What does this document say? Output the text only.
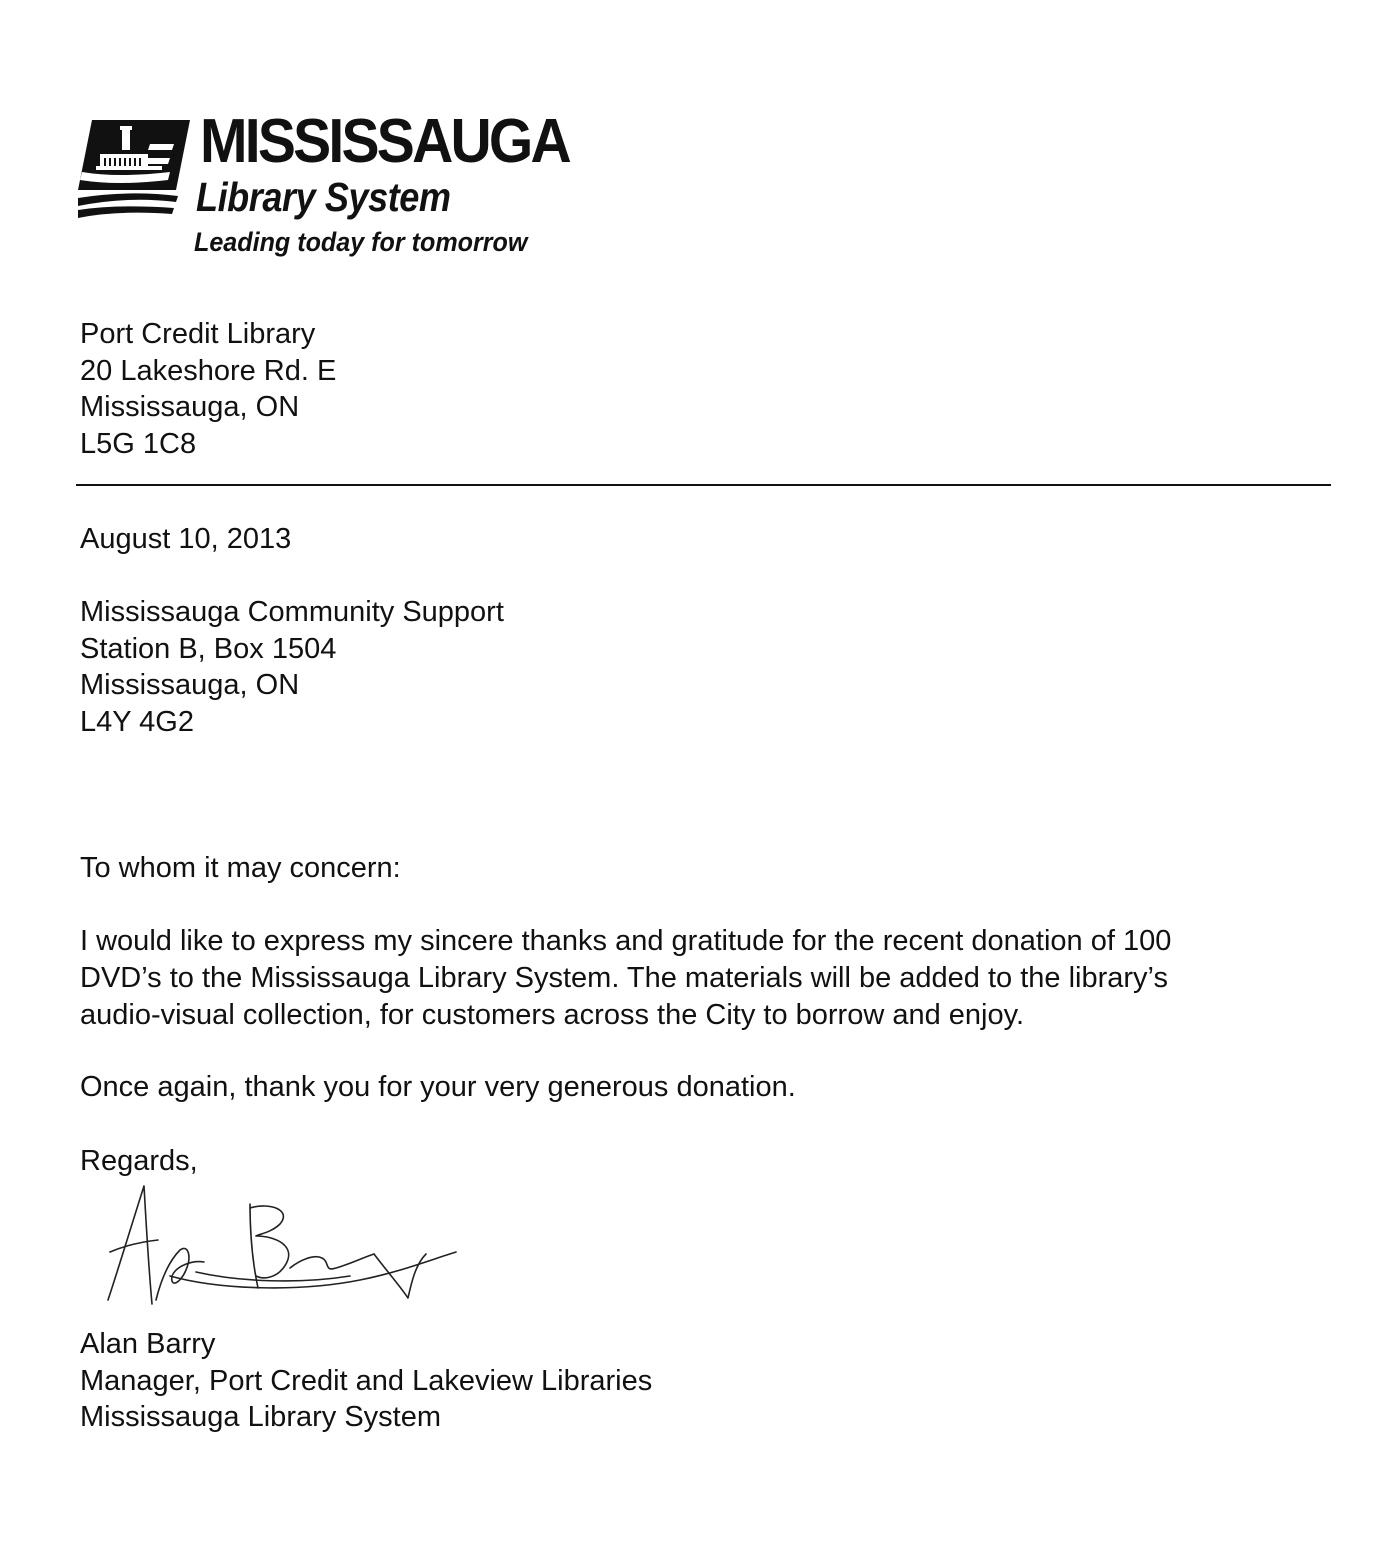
MISSISSAUGA
Library System
Leading today for tomorrow
Port Credit Library
20 Lakeshore Rd. E
Mississauga, ON
L5G 1C8
August 10, 2013
Mississauga Community Support
Station B, Box 1504
Mississauga, ON
L4Y 4G2
To whom it may concern:
I would like to express my sincere thanks and gratitude for the recent donation of 100
DVD’s to the Mississauga Library System. The materials will be added to the library’s
audio-visual collection, for customers across the City to borrow and enjoy.
Once again, thank you for your very generous donation.
Regards,
Alan Barry
Manager, Port Credit and Lakeview Libraries
Mississauga Library System
